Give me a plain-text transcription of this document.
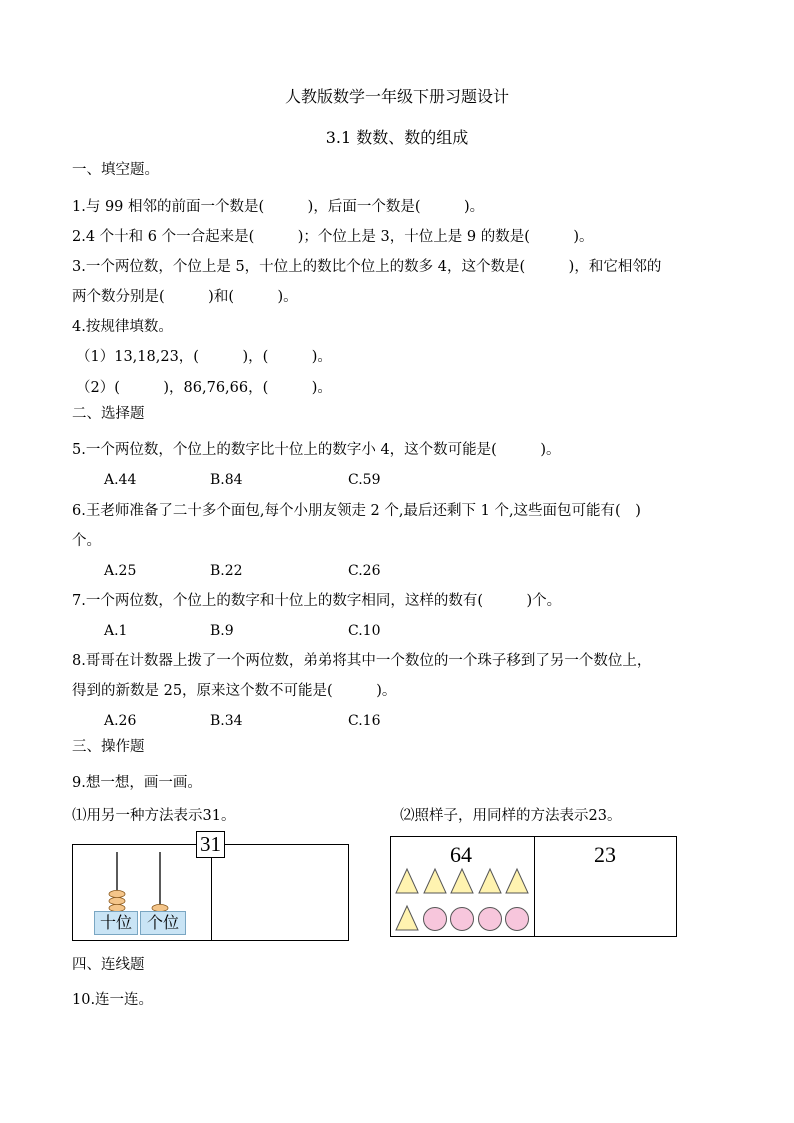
人教版数学一年级下册习题设计
3.1 数数、数的组成
一、填空题。
1.与 99 相邻的前面一个数是(　　　)，后面一个数是(　　　)。
2.4 个十和 6 个一合起来是(　　　)；个位上是 3，十位上是 9 的数是(　　　)。
3.一个两位数，个位上是 5，十位上的数比个位上的数多 4，这个数是(　　　)，和它相邻的
两个数分别是(　　　)和(　　　)。
4.按规律填数。
（1）13,18,23，(　　　)，(　　　)。
（2）(　　　)，86,76,66，(　　　)。
二、选择题
5.一个两位数，个位上的数字比十位上的数字小 4，这个数可能是(　　　)。
A.44	B.84	C.59
6.王老师准备了二十多个面包,每个小朋友领走 2 个,最后还剩下 1 个,这些面包可能有(　)
个。
A.25	B.22	C.26
7.一个两位数，个位上的数字和十位上的数字相同，这样的数有(　　　)个。
A.1	B.9	C.10
8.哥哥在计数器上拨了一个两位数，弟弟将其中一个数位的一个珠子移到了另一个数位上，
得到的新数是 25，原来这个数不可能是(　　　)。
A.26	B.34	C.16
三、操作题
9.想一想，画一画。
⑴用另一种方法表示31。	⑵照样子，用同样的方法表示23。
31
十位 个位
64	23
四、连线题
10.连一连。
